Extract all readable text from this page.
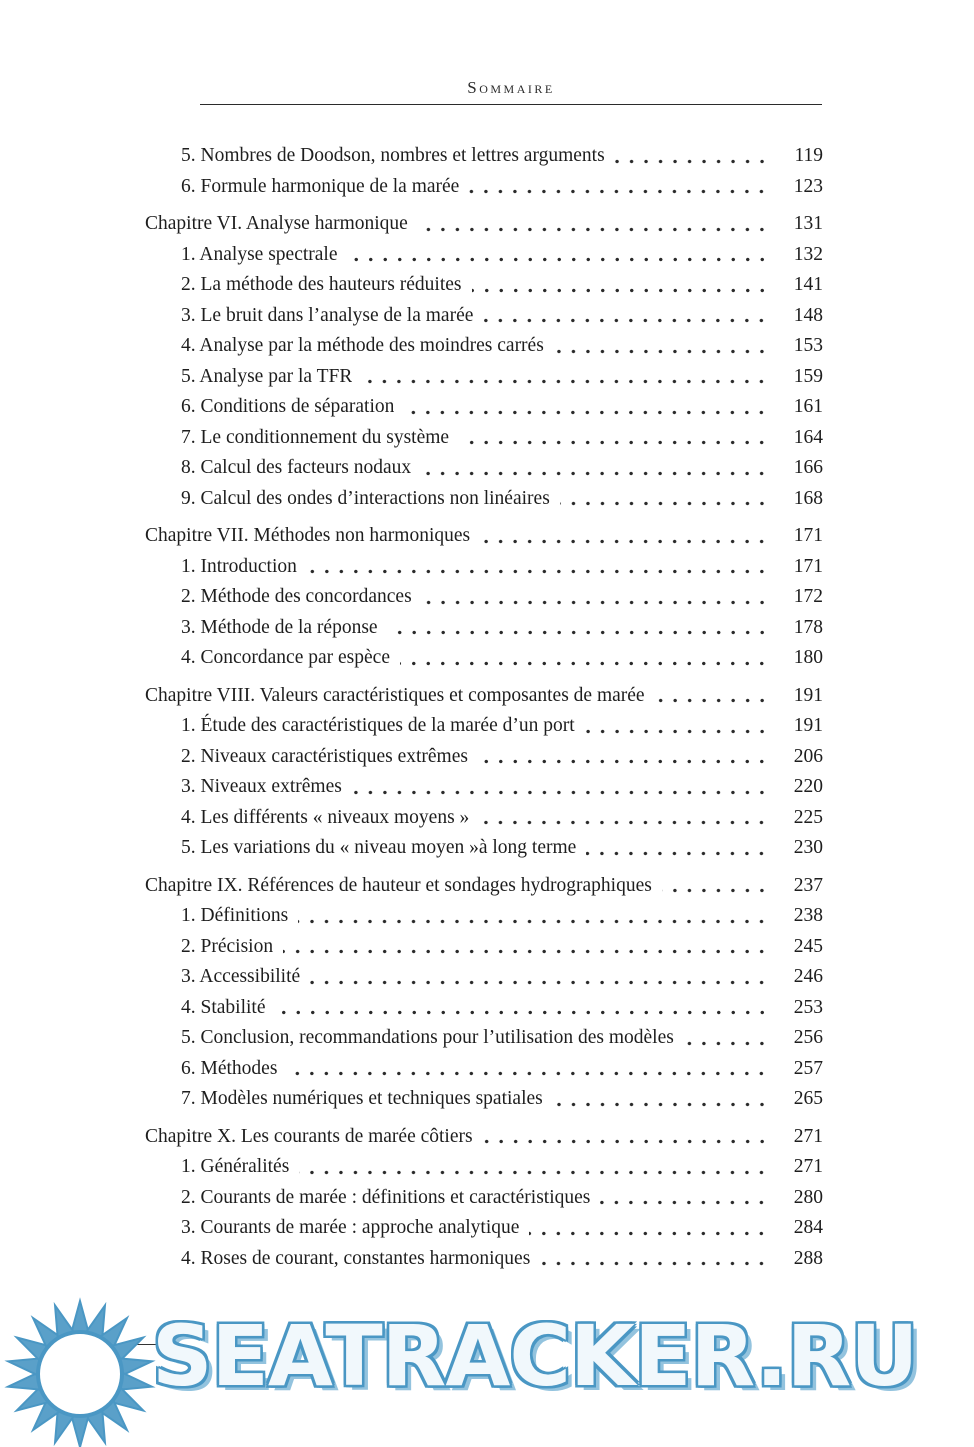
Sommaire
5. Nombres de Doodson, nombres et lettres arguments	119
6. Formule harmonique de la marée	123
Chapitre VI. Analyse harmonique	131
1. Analyse spectrale	132
2. La méthode des hauteurs réduites	141
3. Le bruit dans l’analyse de la marée	148
4. Analyse par la méthode des moindres carrés	153
5. Analyse par la TFR	159
6. Conditions de séparation	161
7. Le conditionnement du système	164
8. Calcul des facteurs nodaux	166
9. Calcul des ondes d’interactions non linéaires	168
Chapitre VII. Méthodes non harmoniques	171
1. Introduction	171
2. Méthode des concordances	172
3. Méthode de la réponse	178
4. Concordance par espèce	180
Chapitre VIII. Valeurs caractéristiques et composantes de marée	191
1. Étude des caractéristiques de la marée d’un port	191
2. Niveaux caractéristiques extrêmes	206
3. Niveaux extrêmes	220
4. Les différents « niveaux moyens »	225
5. Les variations du « niveau moyen »à long terme	230
Chapitre IX. Références de hauteur et sondages hydrographiques	237
1. Définitions	238
2. Précision	245
3. Accessibilité	246
4. Stabilité	253
5. Conclusion, recommandations pour l’utilisation des modèles	256
6. Méthodes	257
7. Modèles numériques et techniques spatiales	265
Chapitre X. Les courants de marée côtiers	271
1. Généralités	271
2. Courants de marée : définitions et caractéristiques	280
3. Courants de marée : approche analytique	284
4. Roses de courant, constantes harmoniques	288
SEATRACKER.RU
